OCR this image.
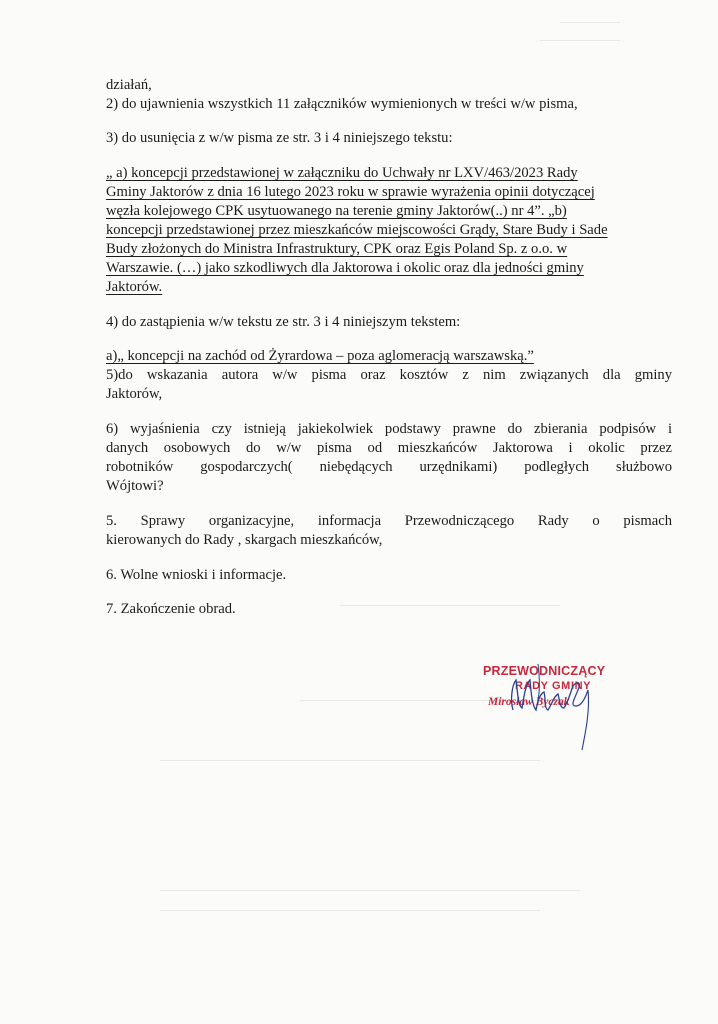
działań,
2) do ujawnienia wszystkich 11 załączników wymienionych w treści w/w pisma,
3) do usunięcia z w/w pisma ze str. 3 i 4 niniejszego tekstu:
„ a) koncepcji przedstawionej w załączniku do Uchwały nr LXV/463/2023 Rady
Gminy Jaktorów z dnia 16 lutego 2023 roku w sprawie wyrażenia opinii dotyczącej
węzła kolejowego CPK usytuowanego na terenie gminy Jaktorów(..) nr 4”. „b)
koncepcji przedstawionej przez mieszkańców miejscowości Grądy, Stare Budy i Sade
Budy złożonych do Ministra Infrastruktury, CPK oraz Egis Poland Sp. z o.o. w
Warszawie. (…) jako szkodliwych dla Jaktorowa i okolic oraz dla jedności gminy
Jaktorów.
4) do zastąpienia w/w tekstu ze str. 3 i 4 niniejszym tekstem:
a)„ koncepcji na zachód od Żyrardowa – poza aglomeracją warszawską.”
5)do wskazania autora w/w pisma oraz kosztów z nim związanych dla gminy
Jaktorów,
6) wyjaśnienia czy istnieją jakiekolwiek podstawy prawne do zbierania podpisów i
danych osobowych do w/w pisma od mieszkańców Jaktorowa i okolic przez
robotników gospodarczych( niebędących urzędnikami) podległych służbowo
Wójtowi?
5. Sprawy organizacyjne, informacja Przewodniczącego Rady o pismach
kierowanych do Rady , skargach mieszkańców,
6. Wolne wnioski i informacje.
7. Zakończenie obrad.
PRZEWODNICZĄCY
RADY GMINY
Mirosław Byczak
